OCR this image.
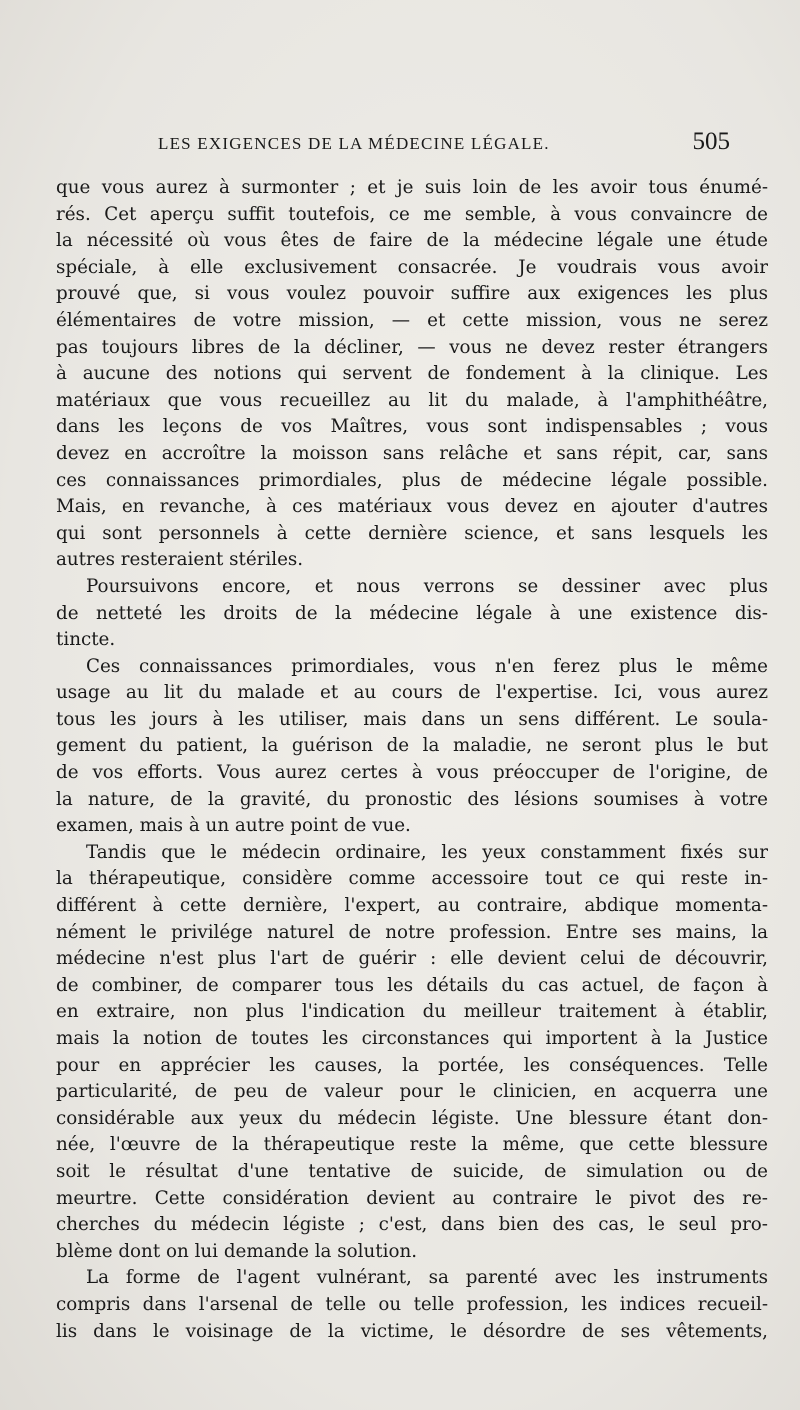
LES EXIGENCES DE LA MÉDECINE LÉGALE.	505
que vous aurez à surmonter ; et je suis loin de les avoir tous énumé-
rés. Cet aperçu suffit toutefois, ce me semble, à vous convaincre de
la nécessité où vous êtes de faire de la médecine légale une étude
spéciale, à elle exclusivement consacrée. Je voudrais vous avoir
prouvé que, si vous voulez pouvoir suffire aux exigences les plus
élémentaires de votre mission, — et cette mission, vous ne serez
pas toujours libres de la décliner, — vous ne devez rester étrangers
à aucune des notions qui servent de fondement à la clinique. Les
matériaux que vous recueillez au lit du malade, à l'amphithéâtre,
dans les leçons de vos Maîtres, vous sont indispensables ; vous
devez en accroître la moisson sans relâche et sans répit, car, sans
ces connaissances primordiales, plus de médecine légale possible.
Mais, en revanche, à ces matériaux vous devez en ajouter d'autres
qui sont personnels à cette dernière science, et sans lesquels les
autres resteraient stériles.
Poursuivons encore, et nous verrons se dessiner avec plus
de netteté les droits de la médecine légale à une existence dis-
tincte.
Ces connaissances primordiales, vous n'en ferez plus le même
usage au lit du malade et au cours de l'expertise. Ici, vous aurez
tous les jours à les utiliser, mais dans un sens différent. Le soula-
gement du patient, la guérison de la maladie, ne seront plus le but
de vos efforts. Vous aurez certes à vous préoccuper de l'origine, de
la nature, de la gravité, du pronostic des lésions soumises à votre
examen, mais à un autre point de vue.
Tandis que le médecin ordinaire, les yeux constamment fixés sur
la thérapeutique, considère comme accessoire tout ce qui reste in-
différent à cette dernière, l'expert, au contraire, abdique momenta-
nément le privilége naturel de notre profession. Entre ses mains, la
médecine n'est plus l'art de guérir : elle devient celui de découvrir,
de combiner, de comparer tous les détails du cas actuel, de façon à
en extraire, non plus l'indication du meilleur traitement à établir,
mais la notion de toutes les circonstances qui importent à la Justice
pour en apprécier les causes, la portée, les conséquences. Telle
particularité, de peu de valeur pour le clinicien, en acquerra une
considérable aux yeux du médecin légiste. Une blessure étant don-
née, l'œuvre de la thérapeutique reste la même, que cette blessure
soit le résultat d'une tentative de suicide, de simulation ou de
meurtre. Cette considération devient au contraire le pivot des re-
cherches du médecin légiste ; c'est, dans bien des cas, le seul pro-
blème dont on lui demande la solution.
La forme de l'agent vulnérant, sa parenté avec les instruments
compris dans l'arsenal de telle ou telle profession, les indices recueil-
lis dans le voisinage de la victime, le désordre de ses vêtements,
